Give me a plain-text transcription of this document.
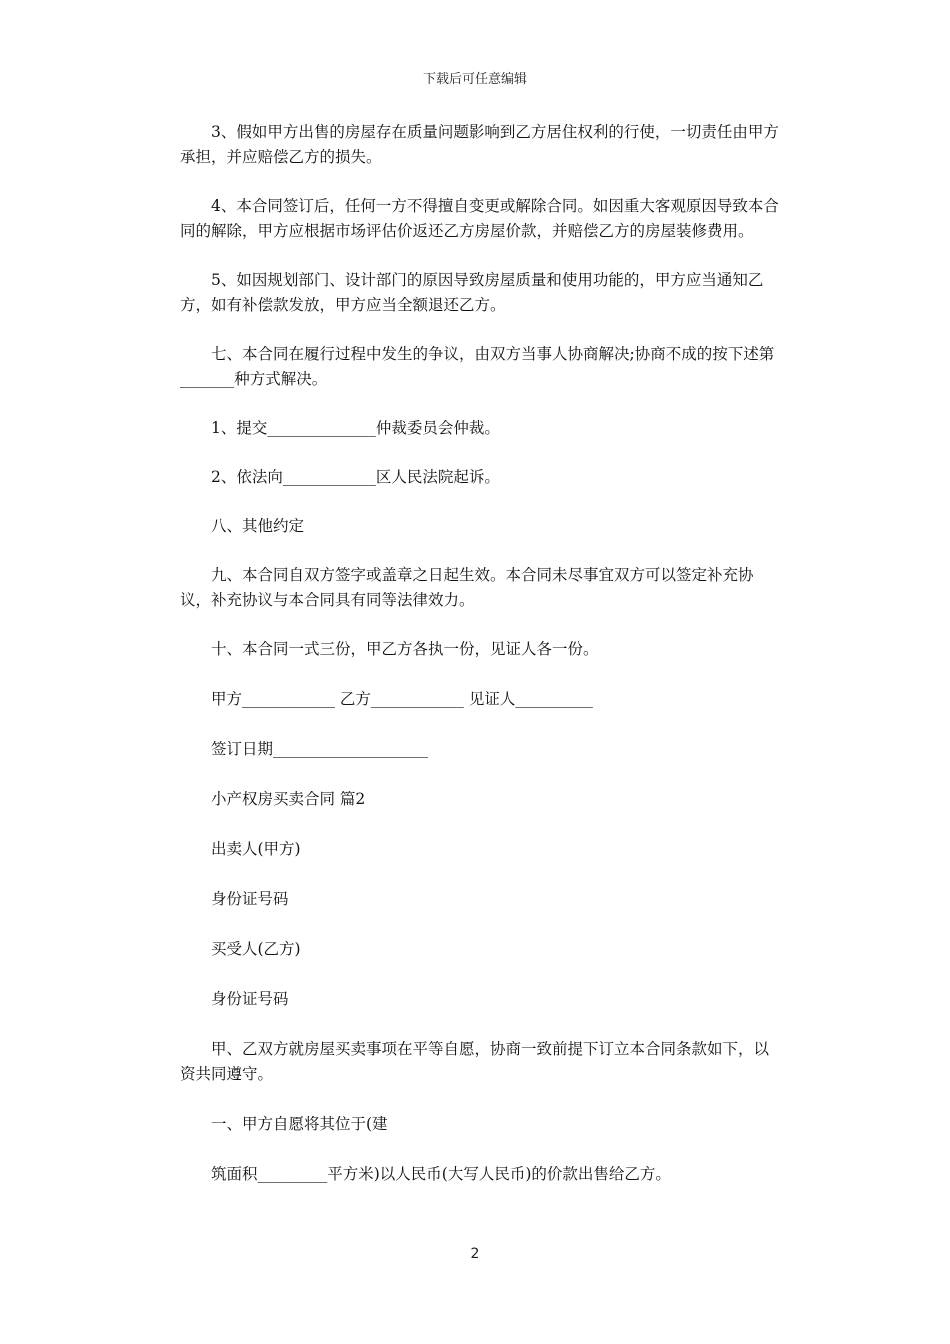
下载后可任意编辑

3、假如甲方出售的房屋存在质量问题影响到乙方居住权利的行使，一切责任由甲方承担，并应赔偿乙方的损失。

4、本合同签订后，任何一方不得擅自变更或解除合同。如因重大客观原因导致本合同的解除，甲方应根据市场评估价返还乙方房屋价款，并赔偿乙方的房屋装修费用。

5、如因规划部门、设计部门的原因导致房屋质量和使用功能的，甲方应当通知乙方，如有补偿款发放，甲方应当全额退还乙方。

七、本合同在履行过程中发生的争议，由双方当事人协商解决;协商不成的按下述第_______种方式解决。

1、提交______________仲裁委员会仲裁。

2、依法向____________区人民法院起诉。

八、其他约定

九、本合同自双方签字或盖章之日起生效。本合同未尽事宜双方可以签定补充协议，补充协议与本合同具有同等法律效力。

十、本合同一式三份，甲乙方各执一份，见证人各一份。

甲方____________ 乙方____________ 见证人__________

签订日期____________________

小产权房买卖合同 篇2

出卖人(甲方)

身份证号码

买受人(乙方)

身份证号码

甲、乙双方就房屋买卖事项在平等自愿，协商一致前提下订立本合同条款如下，以资共同遵守。

一、甲方自愿将其位于(建

筑面积_________平方米)以人民币(大写人民币)的价款出售给乙方。

2
